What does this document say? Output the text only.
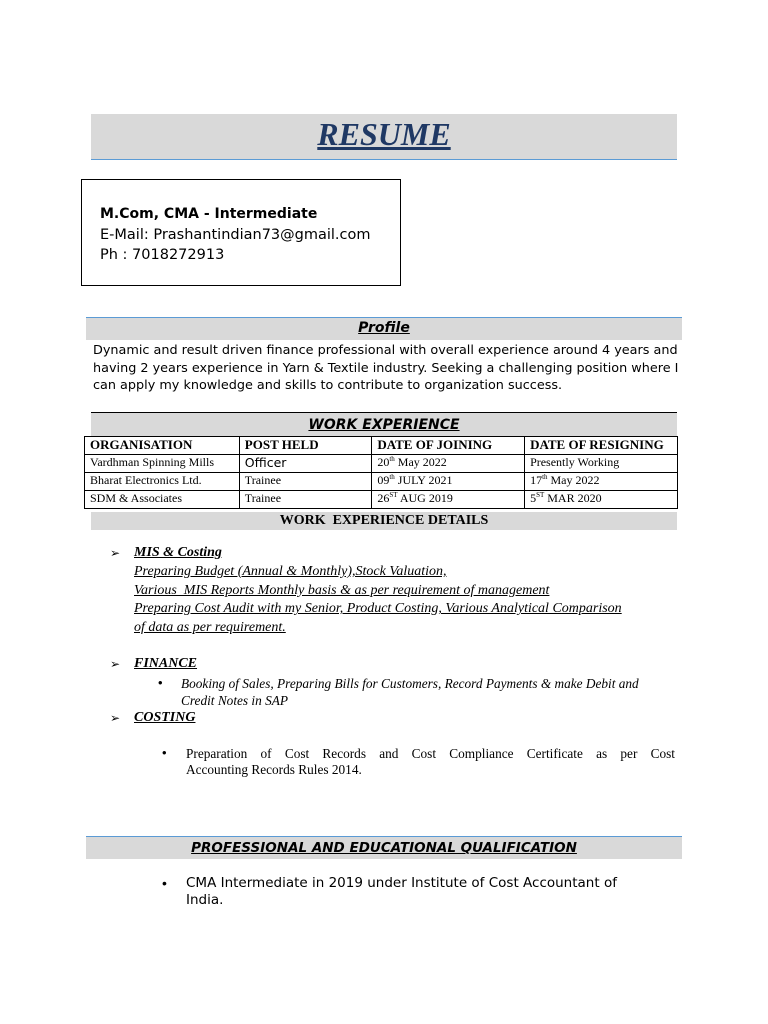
RESUME
M.Com, CMA - Intermediate
E-Mail: Prashantindian73@gmail.com
Ph : 7018272913
Profile
Dynamic and result driven finance professional with overall experience around 4 years and
having 2 years experience in Yarn & Textile industry. Seeking a challenging position where I
can apply my knowledge and skills to contribute to organization success.
WORK EXPERIENCE
ORGANISATION	POST HELD	DATE OF JOINING	DATE OF RESIGNING
Vardhman Spinning Mills	Officer	20th May 2022	Presently Working
Bharat Electronics Ltd.	Trainee	09th JULY 2021	17th May 2022
SDM & Associates	Trainee	26ST AUG 2019	5ST MAR 2020
WORK  EXPERIENCE DETAILS
➢ MIS & Costing
Preparing Budget (Annual & Monthly),Stock Valuation,
Various  MIS Reports Monthly basis & as per requirement of management
Preparing Cost Audit with my Senior, Product Costing, Various Analytical Comparison
of data as per requirement.
➢ FINANCE
• Booking of Sales, Preparing Bills for Customers, Record Payments & make Debit and
Credit Notes in SAP
➢ COSTING
• Preparation of Cost Records and Cost Compliance Certificate as per Cost
Accounting Records Rules 2014.
PROFESSIONAL AND EDUCATIONAL QUALIFICATION
• CMA Intermediate in 2019 under Institute of Cost Accountant of
India.
